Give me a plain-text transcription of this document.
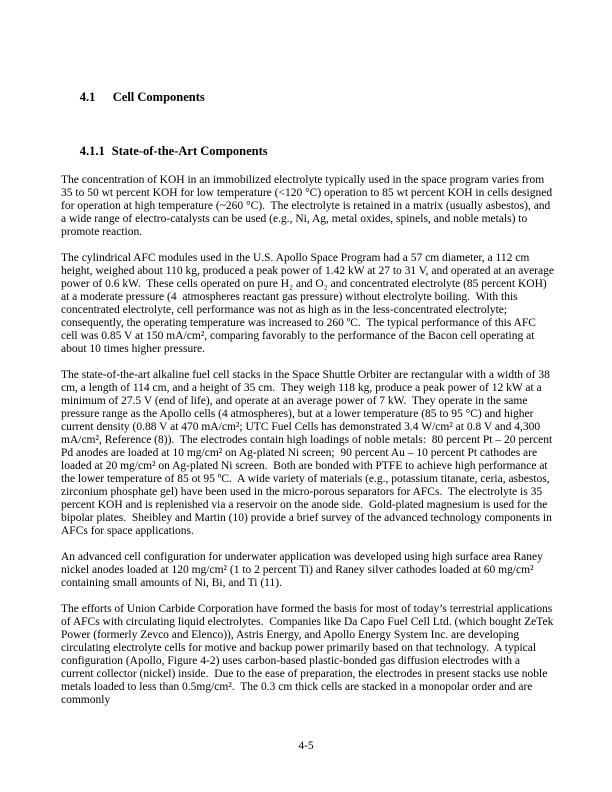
4.1 Cell Components

4.1.1 State-of-the-Art Components

The concentration of KOH in an immobilized electrolyte typically used in the space program varies from 35 to 50 wt percent KOH for low temperature (<120 °C) operation to 85 wt percent KOH in cells designed for operation at high temperature (~260 °C).  The electrolyte is retained in a matrix (usually asbestos), and a wide range of electro-catalysts can be used (e.g., Ni, Ag, metal oxides, spinels, and noble metals) to promote reaction.

The cylindrical AFC modules used in the U.S. Apollo Space Program had a 57 cm diameter, a 112 cm height, weighed about 110 kg, produced a peak power of 1.42 kW at 27 to 31 V, and operated at an average power of 0.6 kW.  These cells operated on pure H₂ and O₂ and concentrated electrolyte (85 percent KOH) at a moderate pressure (4  atmospheres reactant gas pressure) without electrolyte boiling.  With this concentrated electrolyte, cell performance was not as high as in the less-concentrated electrolyte; consequently, the operating temperature was increased to 260 ºC.  The typical performance of this AFC cell was 0.85 V at 150 mA/cm², comparing favorably to the performance of the Bacon cell operating at about 10 times higher pressure.

The state-of-the-art alkaline fuel cell stacks in the Space Shuttle Orbiter are rectangular with a width of 38 cm, a length of 114 cm, and a height of 35 cm.  They weigh 118 kg, produce a peak power of 12 kW at a minimum of 27.5 V (end of life), and operate at an average power of 7 kW.  They operate in the same pressure range as the Apollo cells (4 atmospheres), but at a lower temperature (85 to 95 °C) and higher current density (0.88 V at 470 mA/cm²; UTC Fuel Cells has demonstrated 3.4 W/cm² at 0.8 V and 4,300 mA/cm², Reference (8)).  The electrodes contain high loadings of noble metals:  80 percent Pt – 20 percent Pd anodes are loaded at 10 mg/cm² on Ag-plated Ni screen;  90 percent Au – 10 percent Pt cathodes are loaded at 20 mg/cm² on Ag-plated Ni screen.  Both are bonded with PTFE to achieve high performance at the lower temperature of 85 ot 95 ºC.  A wide variety of materials (e.g., potassium titanate, ceria, asbestos, zirconium phosphate gel) have been used in the micro-porous separators for AFCs.  The electrolyte is 35 percent KOH and is replenished via a reservoir on the anode side.  Gold-plated magnesium is used for the bipolar plates.  Sheibley and Martin (10) provide a brief survey of the advanced technology components in AFCs for space applications.

An advanced cell configuration for underwater application was developed using high surface area Raney nickel anodes loaded at 120 mg/cm² (1 to 2 percent Ti) and Raney silver cathodes loaded at 60 mg/cm² containing small amounts of Ni, Bi, and Ti (11).

The efforts of Union Carbide Corporation have formed the basis for most of today’s terrestrial applications of AFCs with circulating liquid electrolytes.  Companies like Da Capo Fuel Cell Ltd. (which bought ZeTek Power (formerly Zevco and Elenco)), Astris Energy, and Apollo Energy System Inc. are developing circulating electrolyte cells for motive and backup power primarily based on that technology.  A typical configuration (Apollo, Figure 4-2) uses carbon-based plastic-bonded gas diffusion electrodes with a current collector (nickel) inside.  Due to the ease of preparation, the electrodes in present stacks use noble metals loaded to less than 0.5mg/cm².  The 0.3 cm thick cells are stacked in a monopolar order and are commonly

4-5
